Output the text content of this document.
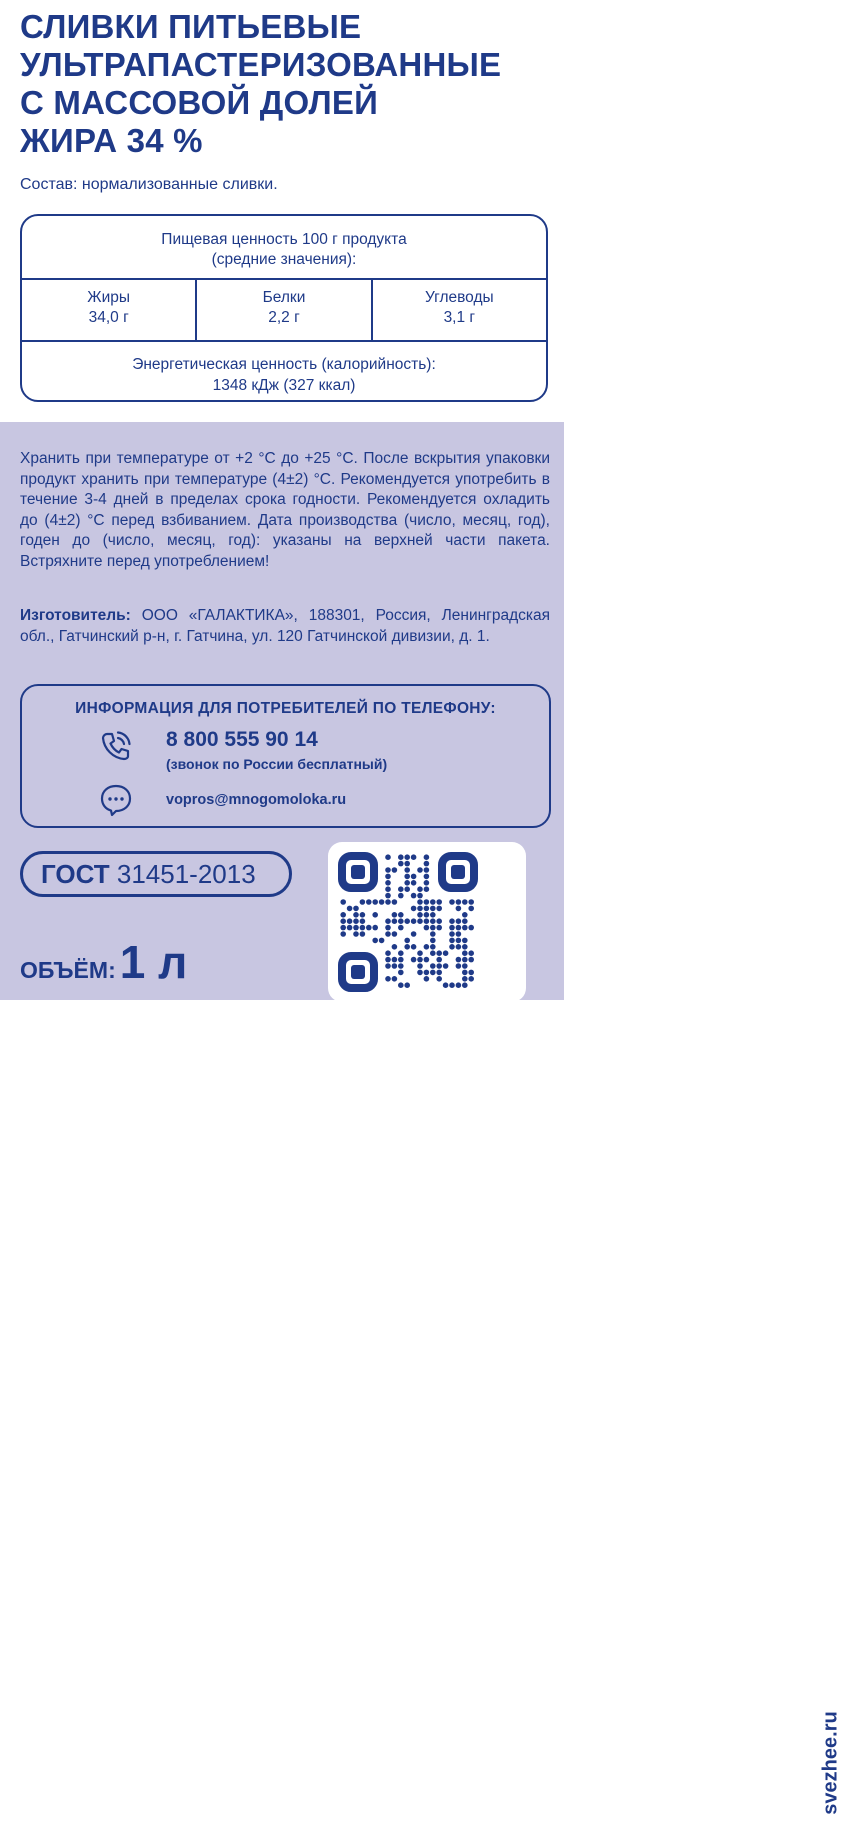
СЛИВКИ ПИТЬЕВЫЕ
УЛЬТРАПАСТЕРИЗОВАННЫЕ
С МАССОВОЙ ДОЛЕЙ
ЖИРА 34 %
Состав: нормализованные сливки.
Пищевая ценность 100 г продукта
(средние значения):
Жиры
34,0 г
Белки
2,2 г
Углеводы
3,1 г
Энергетическая ценность (калорийность):
1348 кДж (327 ккал)
Хранить при температуре от +2 °С до +25 °С. После вскрытия упаковки продукт хранить при температуре (4±2) °С. Рекомендуется употребить в течение 3-4 дней в пределах срока годности. Рекомендуется охладить до (4±2) °С перед взбиванием. Дата производства (число, месяц, год), годен до (число, месяц, год): указаны на верхней части пакета. Встряхните перед употреблением!
Изготовитель: ООО «ГАЛАКТИКА», 188301, Россия, Ленинградская обл., Гатчинский р-н, г. Гатчина, ул. 120 Гатчинской дивизии, д. 1.
ИНФОРМАЦИЯ ДЛЯ ПОТРЕБИТЕЛЕЙ ПО ТЕЛЕФОНУ:
8 800 555 90 14
(звонок по России бесплатный)
vopros@mnogomoloka.ru
ГОСТ 31451-2013
ОБЪЁМ:1 л
svezhee.ru
